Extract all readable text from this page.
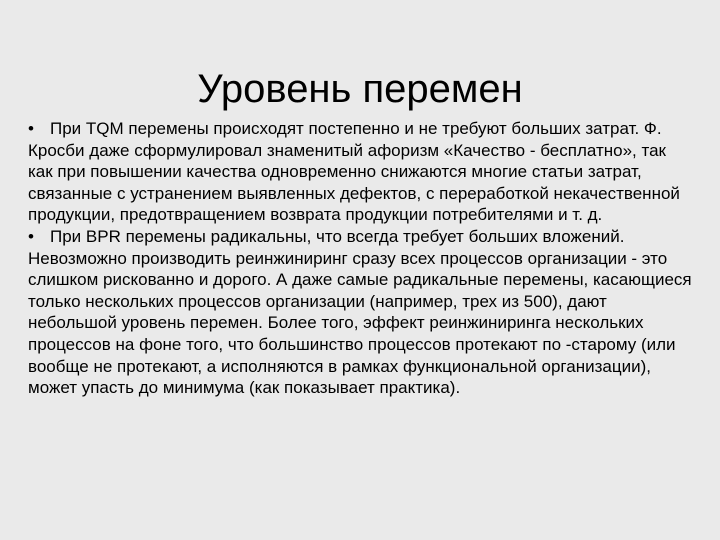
Уровень перемен

• При TQM перемены происходят постепенно и не требуют больших затрат. Ф. Кросби даже сформулировал знаменитый афоризм «Качество - бесплатно», так как при повышении качества одновременно снижаются многие статьи затрат, связанные с устранением выявленных дефектов, с переработкой некачественной продукции, предотвращением возврата продукции потребителями и т. д.

• При BPR перемены радикальны, что всегда требует больших вложений. Невозможно производить реинжиниринг сразу всех процессов организации - это слишком рискованно и дорого. А даже самые радикальные перемены, касающиеся только нескольких процессов организации (например, трех из 500), дают небольшой уровень перемен. Более того, эффект реинжиниринга нескольких процессов на фоне того, что большинство процессов протекают по -старому (или вообще не протекают, а исполняются в рамках функциональной организации), может упасть до минимума (как показывает практика).
